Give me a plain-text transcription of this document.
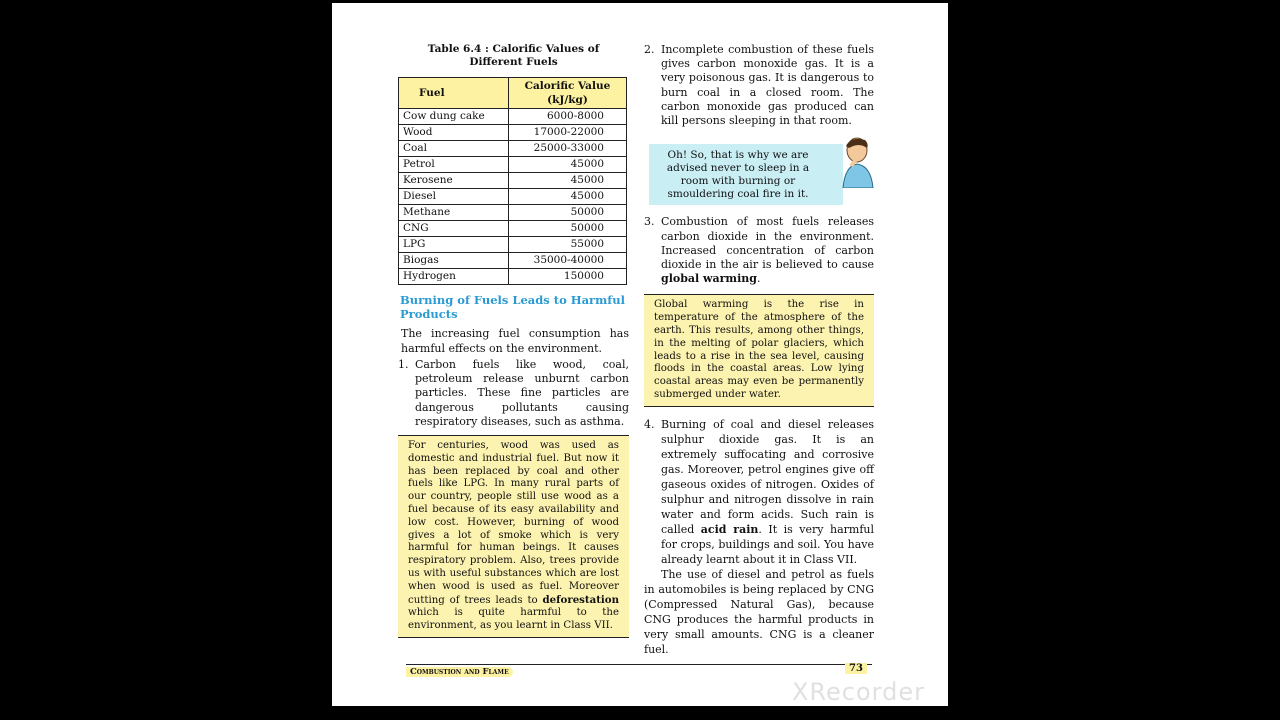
Table 6.4 : Calorific Values of
Different Fuels
Fuel	Calorific Value
(kJ/kg)

Cow dung cake	6000-8000
Wood	17000-22000
Coal	25000-33000
Petrol	45000
Kerosene	45000
Diesel	45000
Methane	50000
CNG	50000
LPG	55000
Biogas	35000-40000
Hydrogen	150000
Burning of Fuels Leads to Harmful Products

The increasing fuel consumption has harmful effects on the environment.

1. Carbon fuels like wood, coal, petroleum release unburnt carbon particles. These fine particles are dangerous pollutants causing respiratory diseases, such as asthma.
For centuries, wood was used as domestic and industrial fuel. But now it has been replaced by coal and other fuels like LPG. In many rural parts of our country, people still use wood as a fuel because of its easy availability and low cost. However, burning of wood gives a lot of smoke which is very harmful for human beings. It causes respiratory problem. Also, trees provide us with useful substances which are lost when wood is used as fuel. Moreover cutting of trees leads to deforestation which is quite harmful to the environment, as you learnt in Class VII.
2. Incomplete combustion of these fuels gives carbon monoxide gas. It is a very poisonous gas. It is dangerous to burn coal in a closed room. The carbon monoxide gas produced can kill persons sleeping in that room.
Oh! So, that is why we are advised never to sleep in a room with burning or smouldering coal fire in it.
3. Combustion of most fuels releases carbon dioxide in the environment. Increased concentration of carbon dioxide in the air is believed to cause global warming.
Global warming is the rise in temperature of the atmosphere of the earth. This results, among other things, in the melting of polar glaciers, which leads to a rise in the sea level, causing floods in the coastal areas. Low lying coastal areas may even be permanently submerged under water.
4. Burning of coal and diesel releases sulphur dioxide gas. It is an extremely suffocating and corrosive gas. Moreover, petrol engines give off gaseous oxides of nitrogen. Oxides of sulphur and nitrogen dissolve in rain water and form acids. Such rain is called acid rain. It is very harmful for crops, buildings and soil. You have already learnt about it in Class VII.

The use of diesel and petrol as fuels in automobiles is being replaced by CNG (Compressed Natural Gas), because CNG produces the harmful products in very small amounts. CNG is a cleaner fuel.

Combustion and Flame	73
XRecorder
